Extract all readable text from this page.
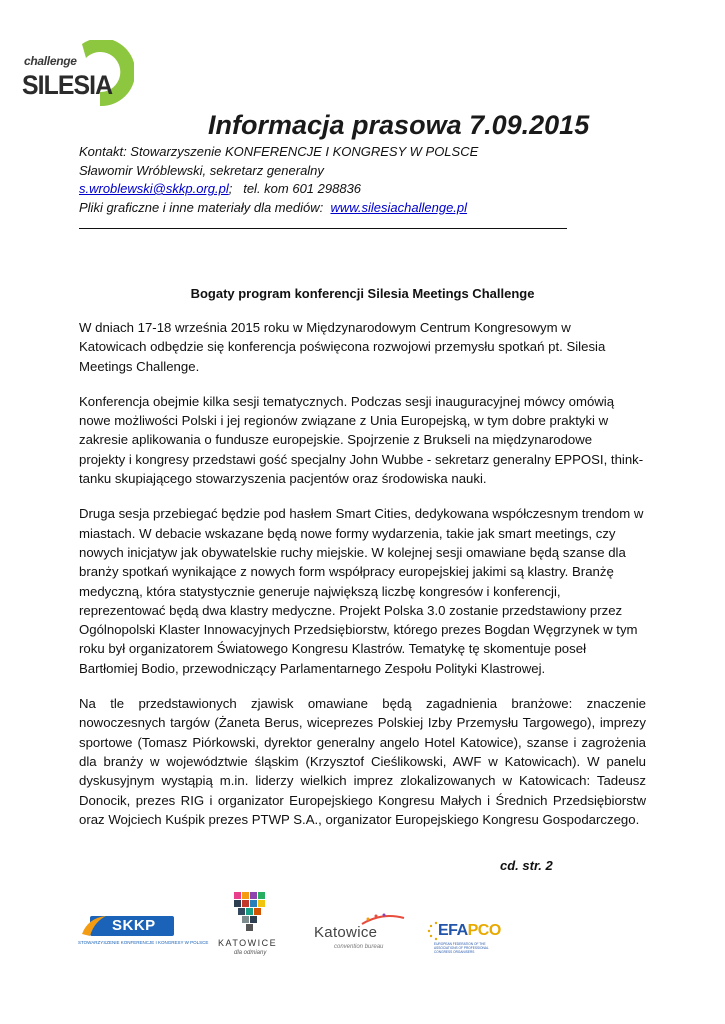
challenge
SILESIA
Informacja prasowa 7.09.2015
Kontakt: Stowarzyszenie KONFERENCJE I KONGRESY W POLSCE
Sławomir Wróblewski, sekretarz generalny
s.wroblewski@skkp.org.pl; tel. kom 601 298836
Pliki graficzne i inne materiały dla mediów: www.silesiachallenge.pl
Bogaty program konferencji Silesia Meetings Challenge

W dniach 17-18 września 2015 roku w Międzynarodowym Centrum Kongresowym w
Katowicach odbędzie się konferencja poświęcona rozwojowi przemysłu spotkań pt. Silesia
Meetings Challenge.

Konferencja obejmie kilka sesji tematycznych. Podczas sesji inauguracyjnej mówcy omówią
nowe możliwości Polski i jej regionów związane z Unia Europejską, w tym dobre praktyki w
zakresie aplikowania o fundusze europejskie. Spojrzenie z Brukseli na międzynarodowe
projekty i kongresy przedstawi gość specjalny John Wubbe - sekretarz generalny EPPOSI, think-
tanku skupiającego stowarzyszenia pacjentów oraz środowiska nauki.

Druga sesja przebiegać będzie pod hasłem Smart Cities, dedykowana współczesnym trendom w
miastach. W debacie wskazane będą nowe formy wydarzenia, takie jak smart meetings, czy
nowych inicjatyw jak obywatelskie ruchy miejskie. W kolejnej sesji omawiane będą szanse dla
branży spotkań wynikające z nowych form współpracy europejskiej jakimi są klastry. Branżę
medyczną, która statystycznie generuje największą liczbę kongresów i konferencji,
reprezentować będą dwa klastry medyczne. Projekt Polska 3.0 zostanie przedstawiony przez
Ogólnopolski Klaster Innowacyjnych Przedsiębiorstw, którego prezes Bogdan Węgrzynek w tym
roku był organizatorem Światowego Kongresu Klastrów. Tematykę tę skomentuje poseł
Bartłomiej Bodio, przewodniczący Parlamentarnego Zespołu Polityki Klastrowej.

Na tle przedstawionych zjawisk omawiane będą zagadnienia branżowe: znaczenie nowoczesnych targów (Żaneta Berus, wiceprezes Polskiej Izby Przemysłu Targowego), imprezy sportowe (Tomasz Piórkowski, dyrektor generalny angelo Hotel Katowice), szanse i zagrożenia dla branży w województwie śląskim (Krzysztof Cieślikowski, AWF w Katowicach). W panelu dyskusyjnym wystąpią m.in. liderzy wielkich imprez zlokalizowanych w Katowicach: Tadeusz Donocik, prezes RIG i organizator Europejskiego Kongresu Małych i Średnich Przedsiębiorstw oraz Wojciech Kuśpik prezes PTWP S.A., organizator Europejskiego Kongresu Gospodarczego.

cd. str. 2
SKKP
STOWARZYSZENIE KONFERENCJE I KONGRESY W POLSCE KATOWICE
dla odmiany
Katowice
convention bureau
EFAPCO
EUROPEAN FEDERATION OF THE ASSOCIATIONS OF PROFESSIONAL CONGRESS ORGANISERS
